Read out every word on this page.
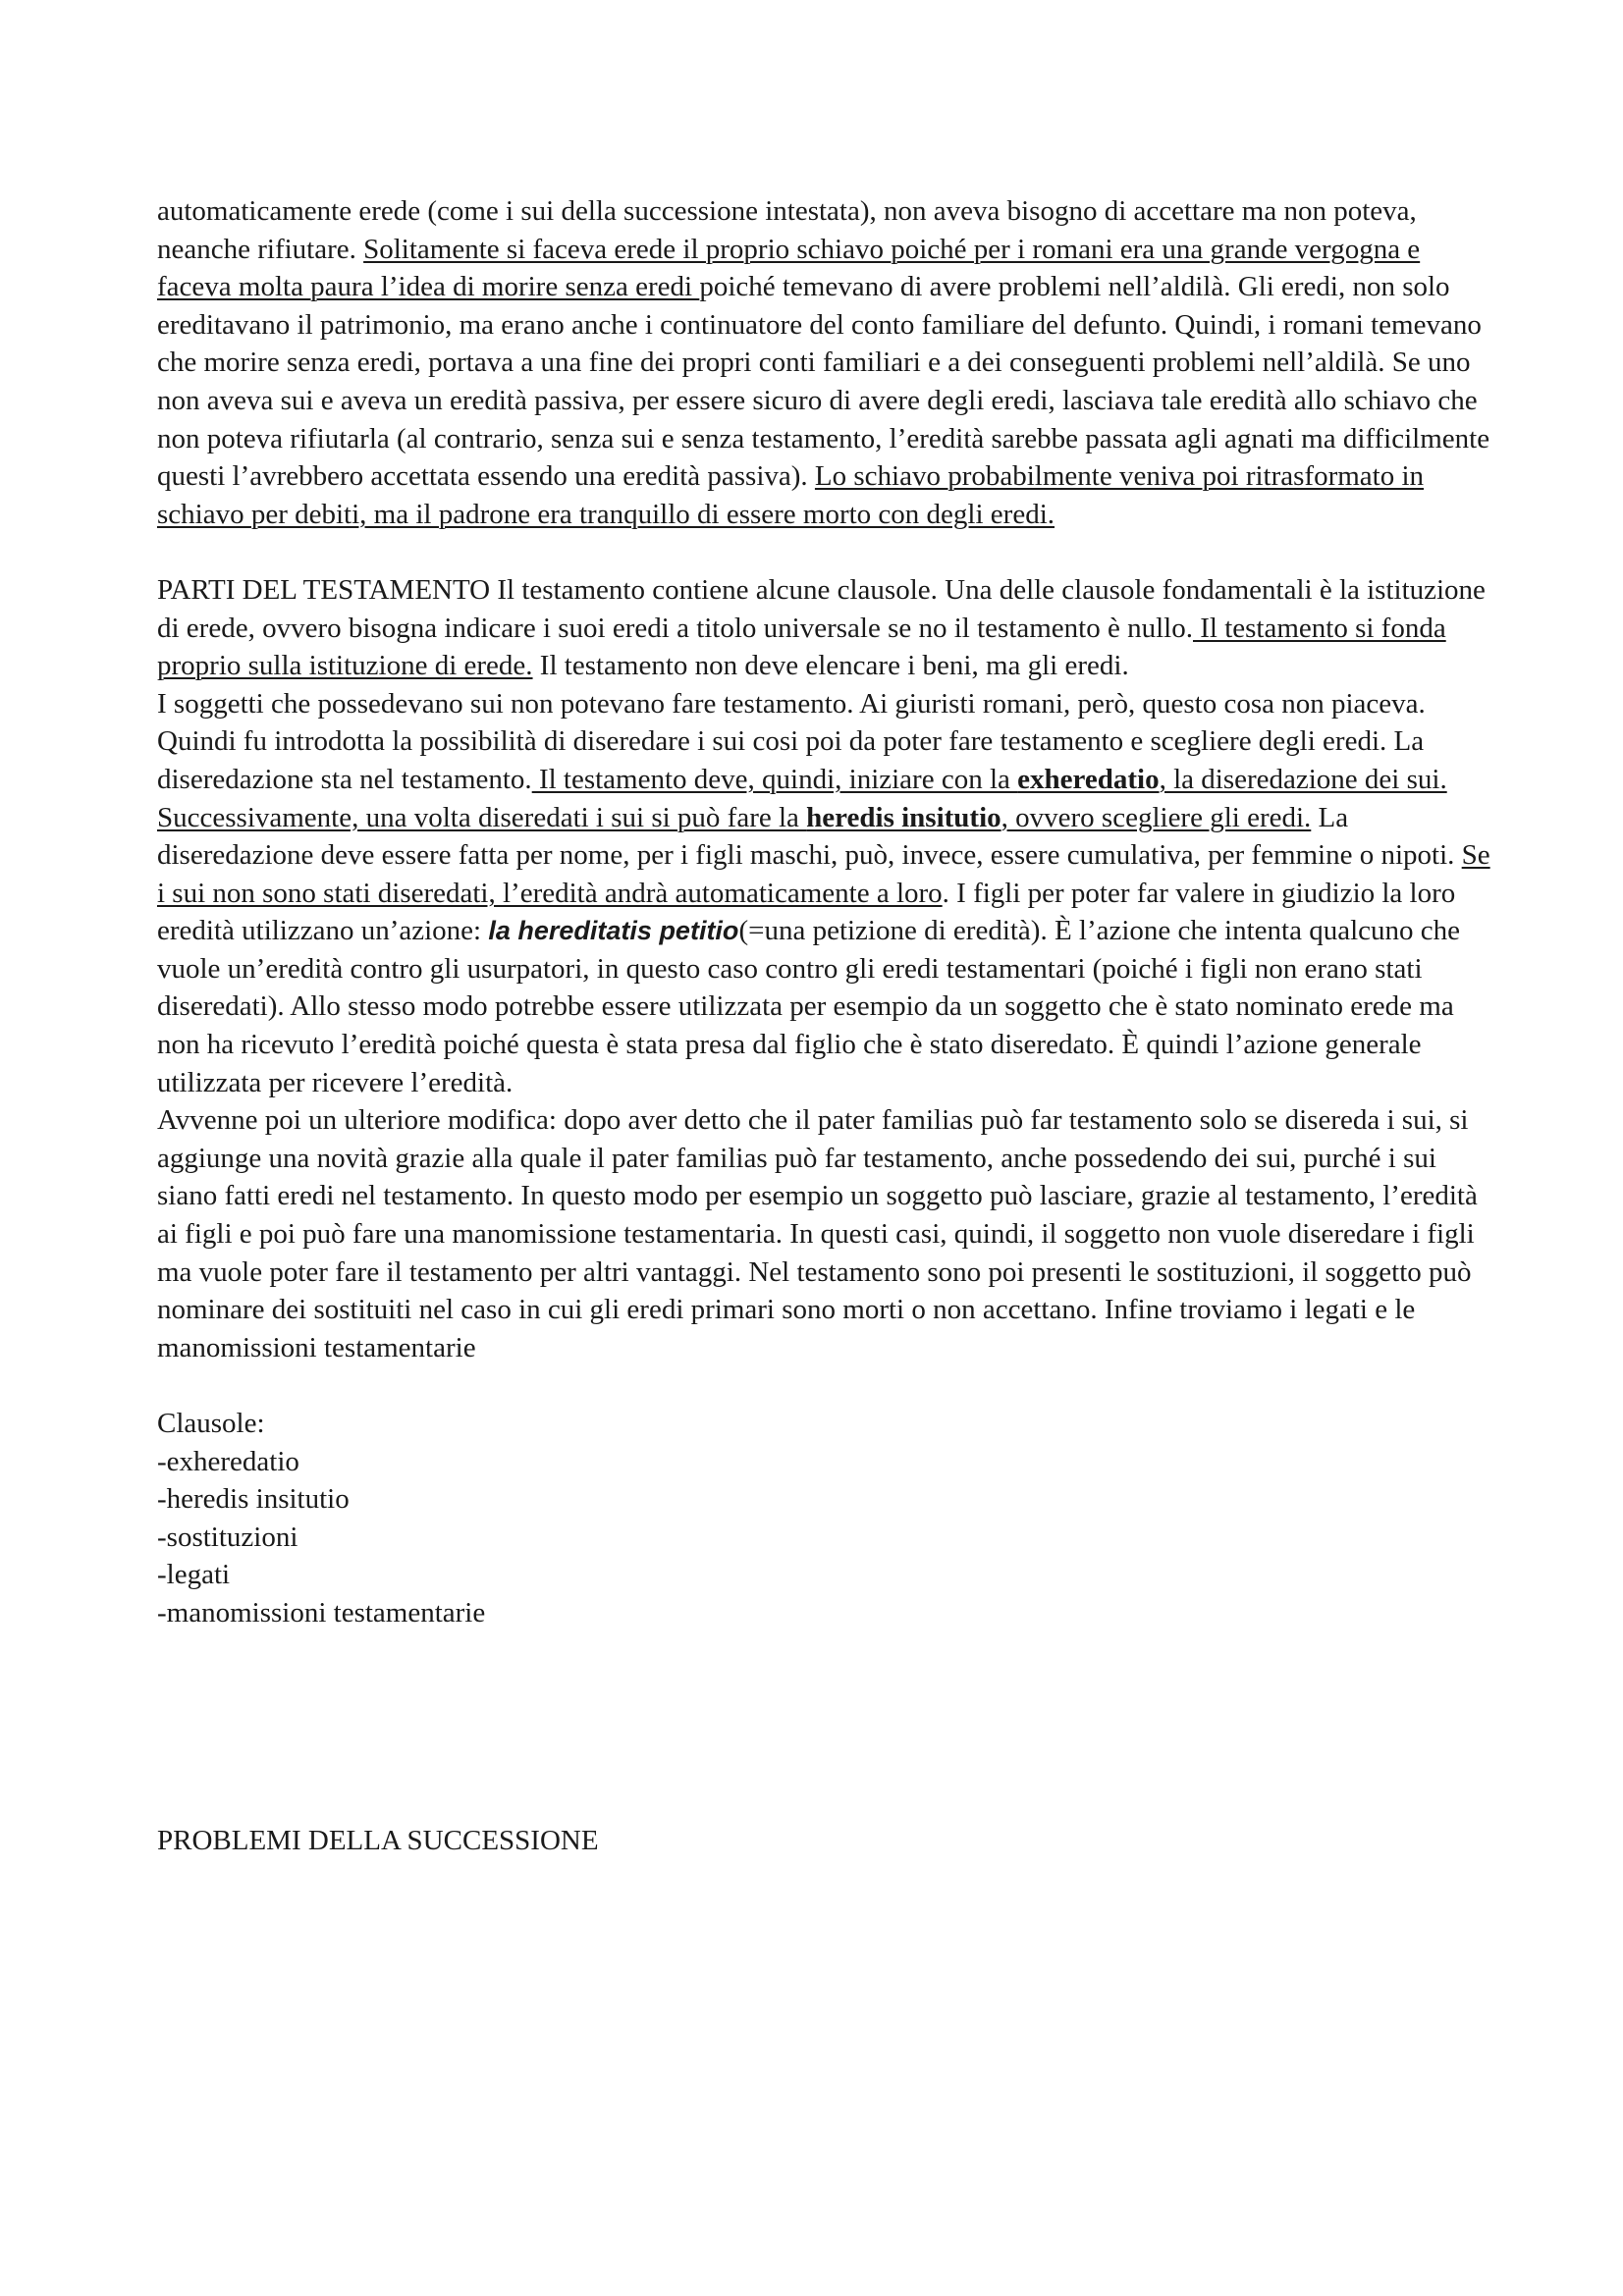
automaticamente erede (come i sui della successione intestata), non aveva bisogno di accettare ma non poteva, neanche rifiutare. Solitamente si faceva erede il proprio schiavo poiché per i romani era una grande vergogna e faceva molta paura l’idea di morire senza eredi poiché temevano di avere problemi nell’aldilà. Gli eredi, non solo ereditavano il patrimonio, ma erano anche i continuatore del conto familiare del defunto. Quindi, i romani temevano che morire senza eredi, portava a una fine dei propri conti familiari e a dei conseguenti problemi nell’aldilà. Se uno non aveva sui e aveva un eredità passiva, per essere sicuro di avere degli eredi, lasciava tale eredità allo schiavo che non poteva rifiutarla (al contrario, senza sui e senza testamento, l’eredità sarebbe passata agli agnati ma difficilmente questi l’avrebbero accettata essendo una eredità passiva). Lo schiavo probabilmente veniva poi ritrasformato in schiavo per debiti, ma il padrone era tranquillo di essere morto con degli eredi.

PARTI DEL TESTAMENTO Il testamento contiene alcune clausole. Una delle clausole fondamentali è la istituzione di erede, ovvero bisogna indicare i suoi eredi a titolo universale se no il testamento è nullo. Il testamento si fonda proprio sulla istituzione di erede. Il testamento non deve elencare i beni, ma gli eredi.

I soggetti che possedevano sui non potevano fare testamento. Ai giuristi romani, però, questo cosa non piaceva. Quindi fu introdotta la possibilità di diseredare i sui cosi poi da poter fare testamento e scegliere degli eredi. La diseredazione sta nel testamento. Il testamento deve, quindi, iniziare con la exheredatio, la diseredazione dei sui. Successivamente, una volta diseredati i sui si può fare la heredis insitutio, ovvero scegliere gli eredi. La diseredazione deve essere fatta per nome, per i figli maschi, può, invece, essere cumulativa, per femmine o nipoti. Se i sui non sono stati diseredati, l’eredità andrà automaticamente a loro. I figli per poter far valere in giudizio la loro eredità utilizzano un’azione: la hereditatis petitio(=una petizione di eredità). È l’azione che intenta qualcuno che vuole un’eredità contro gli usurpatori, in questo caso contro gli eredi testamentari (poiché i figli non erano stati diseredati). Allo stesso modo potrebbe essere utilizzata per esempio da un soggetto che è stato nominato erede ma non ha ricevuto l’eredità poiché questa è stata presa dal figlio che è stato diseredato. È quindi l’azione generale utilizzata per ricevere l’eredità.

Avvenne poi un ulteriore modifica: dopo aver detto che il pater familias può far testamento solo se disereda i sui, si aggiunge una novità grazie alla quale il pater familias può far testamento, anche possedendo dei sui, purché i sui siano fatti eredi nel testamento. In questo modo per esempio un soggetto può lasciare, grazie al testamento, l’eredità ai figli e poi può fare una manomissione testamentaria. In questi casi, quindi, il soggetto non vuole diseredare i figli ma vuole poter fare il testamento per altri vantaggi. Nel testamento sono poi presenti le sostituzioni, il soggetto può nominare dei sostituiti nel caso in cui gli eredi primari sono morti o non accettano. Infine troviamo i legati e le manomissioni testamentarie

Clausole:

-exheredatio

-heredis insitutio

-sostituzioni

-legati

-manomissioni testamentarie

PROBLEMI DELLA SUCCESSIONE
